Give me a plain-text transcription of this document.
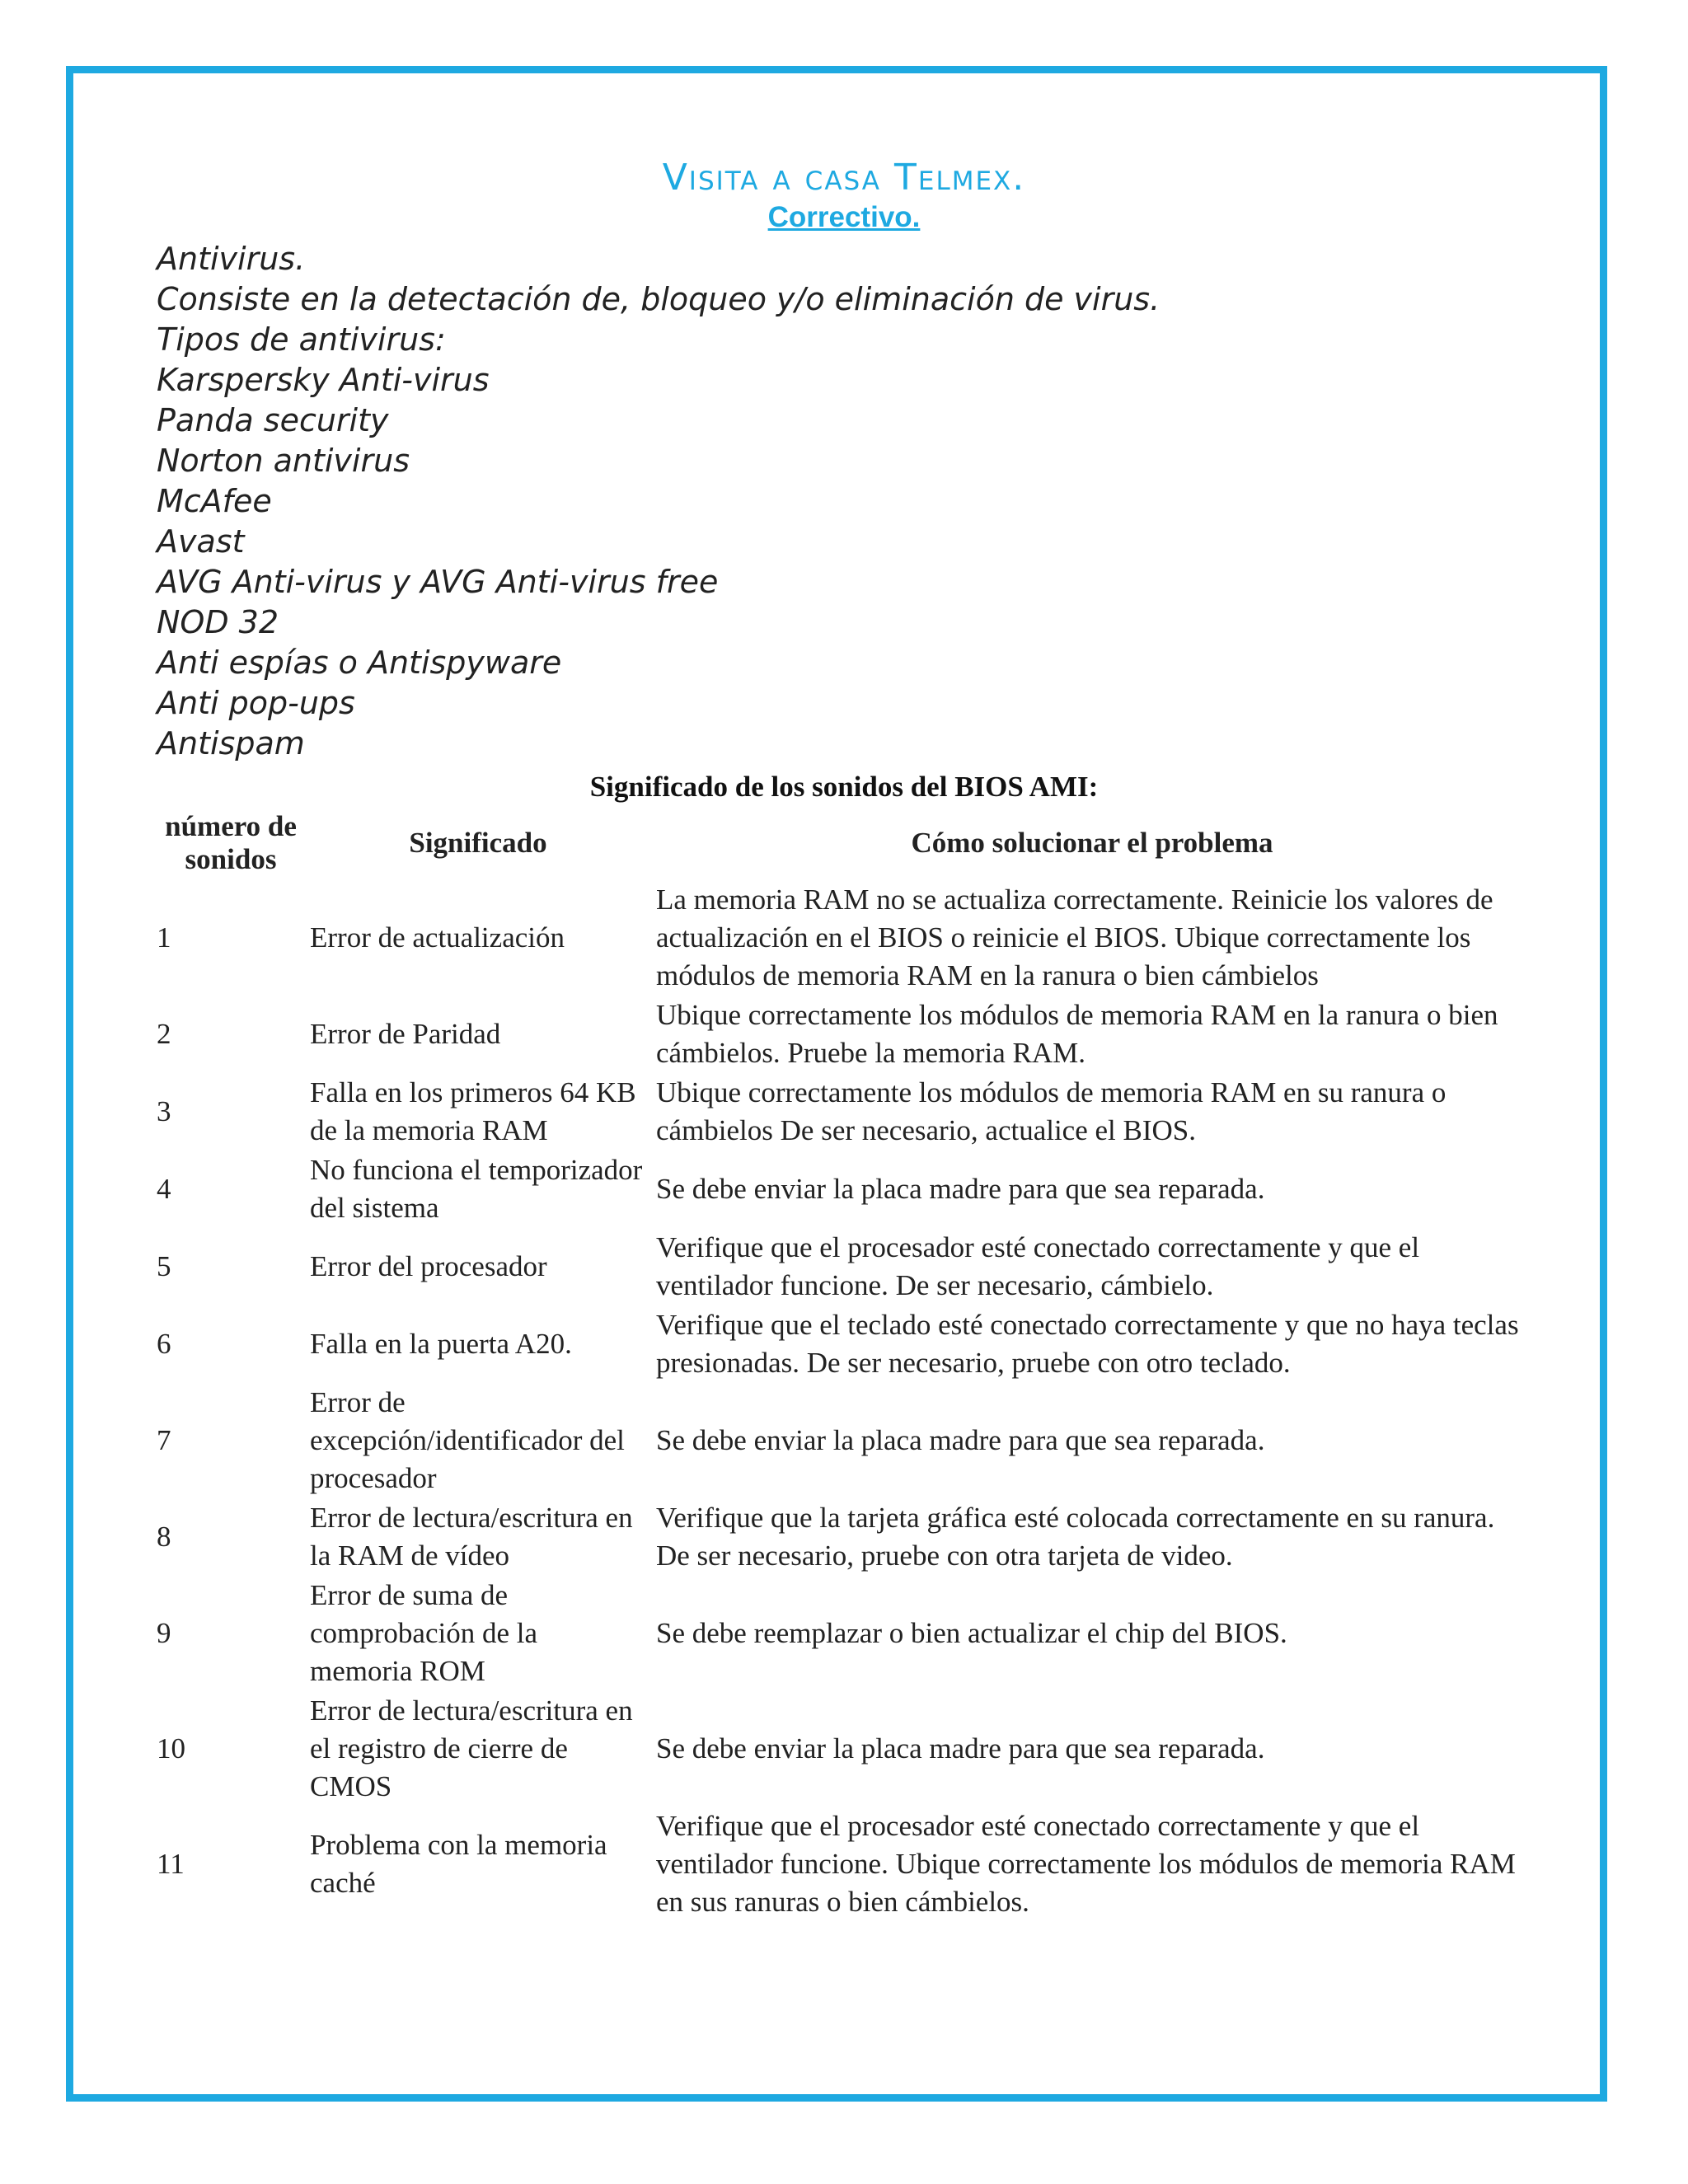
Visita a casa Telmex.
Correctivo.
Antivirus.
Consiste en la detectación de, bloqueo y/o eliminación de virus.
Tipos de antivirus:
Karspersky Anti-virus
Panda security
Norton antivirus
McAfee
Avast
AVG Anti-virus y AVG Anti-virus free
NOD 32
Anti espías o Antispyware
Anti pop-ups
Antispam
Significado de los sonidos del BIOS AMI:
número de sonidos	Significado	Cómo solucionar el problema
1	Error de actualización	La memoria RAM no se actualiza correctamente. Reinicie los valores de actualización en el BIOS o reinicie el BIOS. Ubique correctamente los módulos de memoria RAM en la ranura o bien cámbielos
2	Error de Paridad	Ubique correctamente los módulos de memoria RAM en la ranura o bien cámbielos. Pruebe la memoria RAM.
3	Falla en los primeros 64 KB de la memoria RAM	Ubique correctamente los módulos de memoria RAM en su ranura o cámbielos De ser necesario, actualice el BIOS.
4	No funciona el temporizador del sistema	Se debe enviar la placa madre para que sea reparada.
5	Error del procesador	Verifique que el procesador esté conectado correctamente y que el ventilador funcione. De ser necesario, cámbielo.
6	Falla en la puerta A20.	Verifique que el teclado esté conectado correctamente y que no haya teclas presionadas. De ser necesario, pruebe con otro teclado.
7	Error de excepción/identificador del procesador	Se debe enviar la placa madre para que sea reparada.
8	Error de lectura/escritura en la RAM de vídeo	Verifique que la tarjeta gráfica esté colocada correctamente en su ranura. De ser necesario, pruebe con otra tarjeta de video.
9	Error de suma de comprobación de la memoria ROM	Se debe reemplazar o bien actualizar el chip del BIOS.
10	Error de lectura/escritura en el registro de cierre de CMOS	Se debe enviar la placa madre para que sea reparada.
11	Problema con la memoria caché	Verifique que el procesador esté conectado correctamente y que el ventilador funcione. Ubique correctamente los módulos de memoria RAM en sus ranuras o bien cámbielos.
